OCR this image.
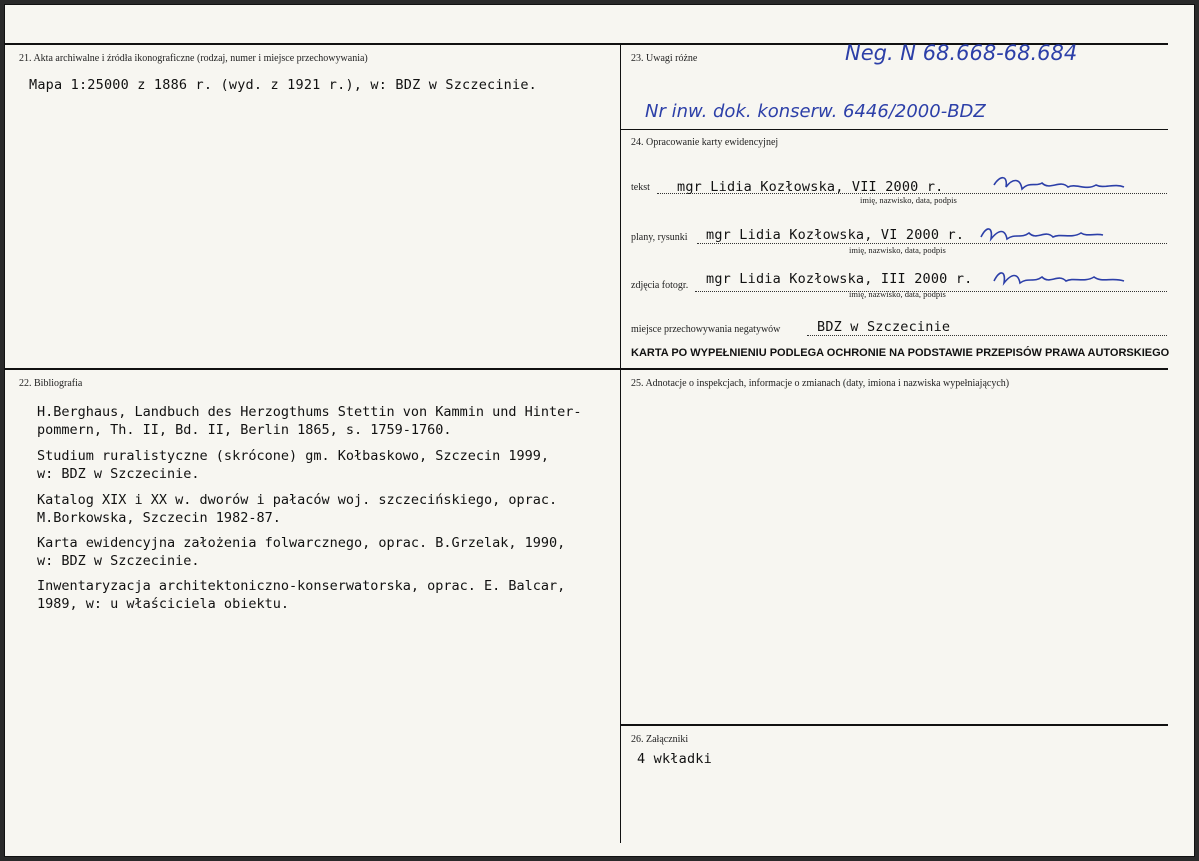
21. Akta archiwalne i źródła ikonograficzne (rodzaj, numer i miejsce przechowywania)
Mapa 1:25000 z 1886 r. (wyd. z 1921 r.), w: BDZ w Szczecinie.
23. Uwagi różne	Neg. N 68.668-68.684
Nr inw. dok. konserw. 6446/2000-BDZ
24. Opracowanie karty ewidencyjnej
tekst mgr Lidia Kozłowska, VII 2000 r.
imię, nazwisko, data, podpis
plany, rysunki mgr Lidia Kozłowska, VI 2000 r.
imię, nazwisko, data, podpis
zdjęcia fotogr. mgr Lidia Kozłowska, III 2000 r.
imię, nazwisko, data, podpis
miejsce przechowywania negatywów	BDZ w Szczecinie
KARTA PO WYPEŁNIENIU PODLEGA OCHRONIE NA PODSTAWIE PRZEPISÓW PRAWA AUTORSKIEGO
22. Bibliografia
H.Berghaus, Landbuch des Herzogthums Stettin von Kammin und Hinter-
pommern, Th. II, Bd. II, Berlin 1865, s. 1759-1760.
Studium ruralistyczne (skrócone) gm. Kołbaskowo, Szczecin 1999,
w: BDZ w Szczecinie.
Katalog XIX i XX w. dworów i pałaców woj. szczecińskiego, oprac.
M.Borkowska, Szczecin 1982-87.
Karta ewidencyjna założenia folwarcznego, oprac. B.Grzelak, 1990,
w: BDZ w Szczecinie.
Inwentaryzacja architektoniczno-konserwatorska, oprac. E. Balcar,
1989, w: u właściciela obiektu.
25. Adnotacje o inspekcjach, informacje o zmianach (daty, imiona i nazwiska wypełniających)
26. Załączniki
4 wkładki
